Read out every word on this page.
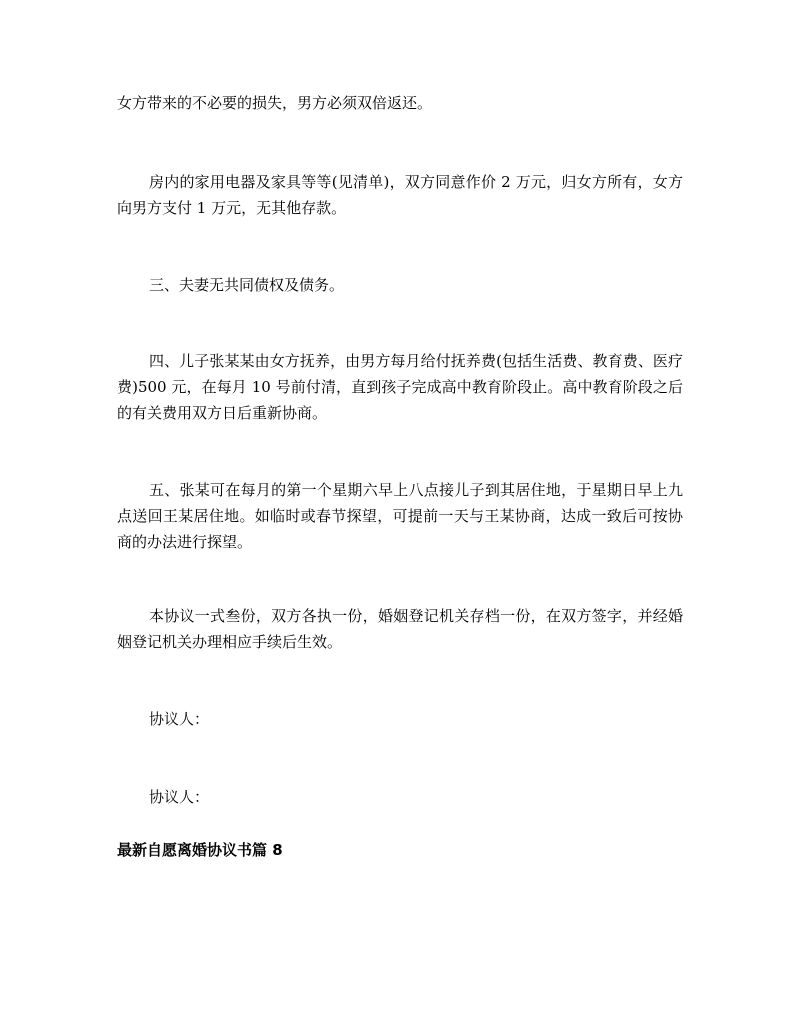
女方带来的不必要的损失，男方必须双倍返还。

房内的家用电器及家具等等(见清单)，双方同意作价 2 万元，归女方所有，女方向男方支付 1 万元，无其他存款。

三、夫妻无共同债权及债务。

四、儿子张某某由女方抚养，由男方每月给付抚养费(包括生活费、教育费、医疗费)500 元，在每月 10 号前付清，直到孩子完成高中教育阶段止。高中教育阶段之后的有关费用双方日后重新协商。

五、张某可在每月的第一个星期六早上八点接儿子到其居住地，于星期日早上九点送回王某居住地。如临时或春节探望，可提前一天与王某协商，达成一致后可按协商的办法进行探望。

本协议一式叁份，双方各执一份，婚姻登记机关存档一份，在双方签字，并经婚姻登记机关办理相应手续后生效。

协议人：

协议人：

最新自愿离婚协议书篇 8
